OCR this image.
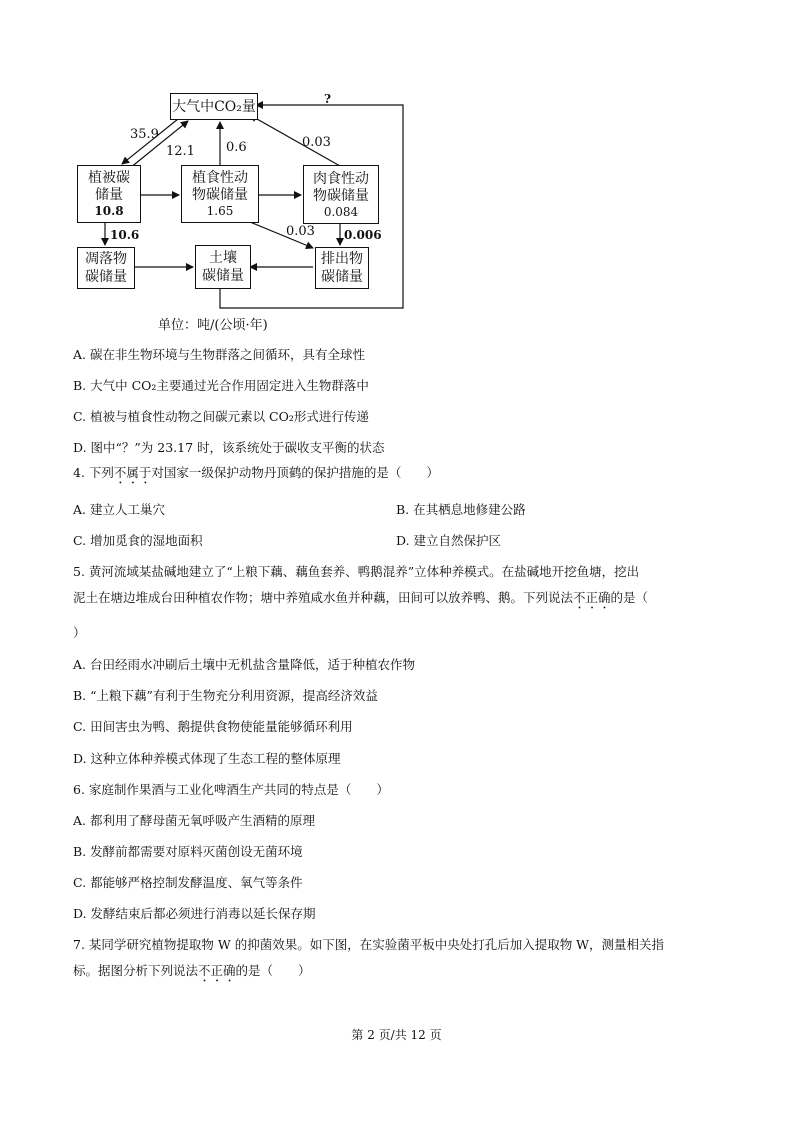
大气中CO₂量
植被碳
储量
10.8
植食性动
物碳储量
1.65
肉食性动
物碳储量
0.084
凋落物
碳储量
土壤
碳储量
排出物
碳储量
35.9
12.1 0.6	0.03
?
10.6	0.03 0.006
单位：吨/(公顷·年)
A. 碳在非生物环境与生物群落之间循环，具有全球性
B. 大气中 CO₂主要通过光合作用固定进入生物群落中
C. 植被与植食性动物之间碳元素以 CO₂形式进行传递
D. 图中“？”为 23.17 时，该系统处于碳收支平衡的状态
4. 下列不属于对国家一级保护动物丹顶鹤的保护措施的是（　　）
A. 建立人工巢穴	B. 在其栖息地修建公路
C. 增加觅食的湿地面积	D. 建立自然保护区
5. 黄河流域某盐碱地建立了“上粮下藕、藕鱼套养、鸭鹅混养”立体种养模式。在盐碱地开挖鱼塘，挖出
泥土在塘边堆成台田种植农作物；塘中养殖咸水鱼并种藕，田间可以放养鸭、鹅。下列说法不正确的是（
）
A. 台田经雨水冲刷后土壤中无机盐含量降低，适于种植农作物
B. “上粮下藕”有利于生物充分利用资源，提高经济效益
C. 田间害虫为鸭、鹅提供食物使能量能够循环利用
D. 这种立体种养模式体现了生态工程的整体原理
6. 家庭制作果酒与工业化啤酒生产共同的特点是（　　）
A. 都利用了酵母菌无氧呼吸产生酒精的原理
B. 发酵前都需要对原料灭菌创设无菌环境
C. 都能够严格控制发酵温度、氧气等条件
D. 发酵结束后都必须进行消毒以延长保存期
7. 某同学研究植物提取物 W 的抑菌效果。如下图，在实验菌平板中央处打孔后加入提取物 W，测量相关指
标。据图分析下列说法不正确的是（　　）
第 2 页/共 12 页
